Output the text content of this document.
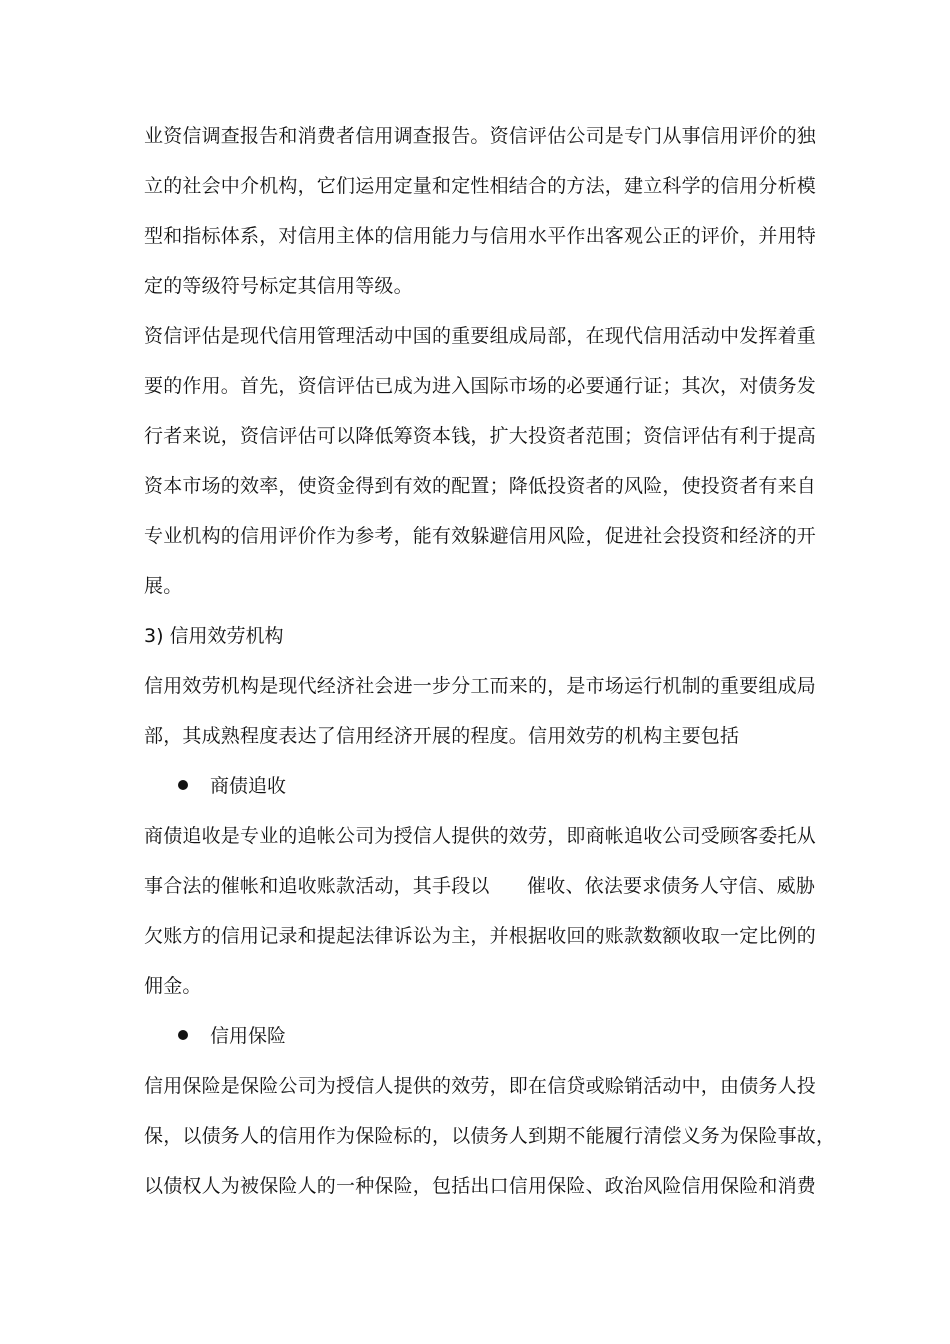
业资信调查报告和消费者信用调查报告。资信评估公司是专门从事信用评价的独
立的社会中介机构，它们运用定量和定性相结合的方法，建立科学的信用分析模
型和指标体系，对信用主体的信用能力与信用水平作出客观公正的评价，并用特
定的等级符号标定其信用等级。
资信评估是现代信用管理活动中国的重要组成局部，在现代信用活动中发挥着重
要的作用。首先，资信评估已成为进入国际市场的必要通行证；其次，对债务发
行者来说，资信评估可以降低筹资本钱，扩大投资者范围；资信评估有利于提高
资本市场的效率，使资金得到有效的配置；降低投资者的风险，使投资者有来自
专业机构的信用评价作为参考，能有效躲避信用风险，促进社会投资和经济的开
展。
3) 信用效劳机构
信用效劳机构是现代经济社会进一步分工而来的，是市场运行机制的重要组成局
部，其成熟程度表达了信用经济开展的程度。信用效劳的机构主要包括
商债追收
商债追收是专业的追帐公司为授信人提供的效劳，即商帐追收公司受顾客委托从
事合法的催帐和追收账款活动，其手段以      催收、依法要求债务人守信、威胁
欠账方的信用记录和提起法律诉讼为主，并根据收回的账款数额收取一定比例的
佣金。
信用保险
信用保险是保险公司为授信人提供的效劳，即在信贷或赊销活动中，由债务人投
保，以债务人的信用作为保险标的，以债务人到期不能履行清偿义务为保险事故，
以债权人为被保险人的一种保险，包括出口信用保险、政治风险信用保险和消费
